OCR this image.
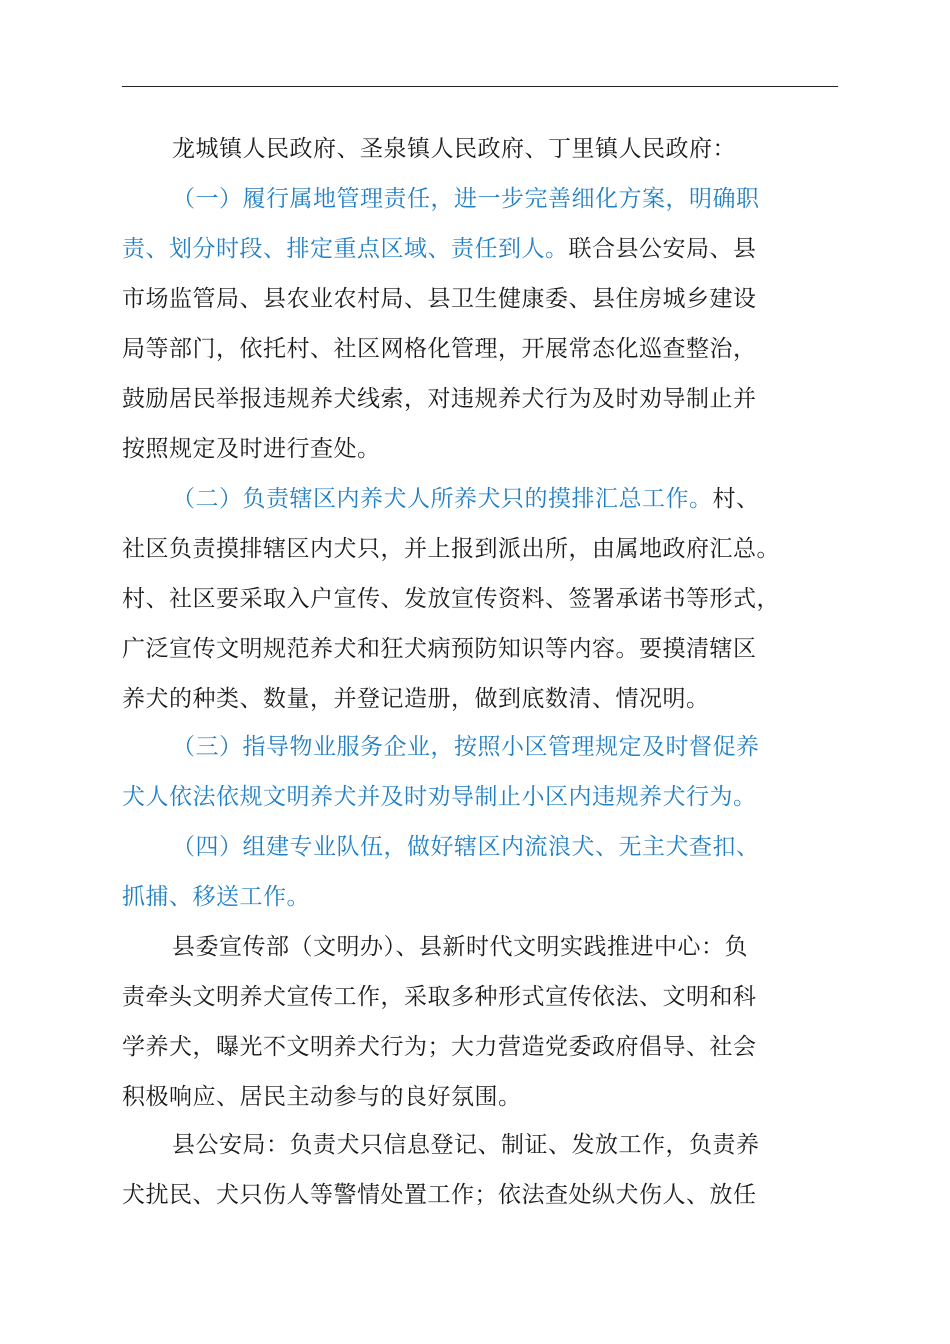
龙城镇人民政府、圣泉镇人民政府、丁里镇人民政府：
（一）履行属地管理责任，进一步完善细化方案，明确职
责、划分时段、排定重点区域、责任到人。联合县公安局、县
市场监管局、县农业农村局、县卫生健康委、县住房城乡建设
局等部门，依托村、社区网格化管理，开展常态化巡查整治，
鼓励居民举报违规养犬线索，对违规养犬行为及时劝导制止并
按照规定及时进行查处。
（二）负责辖区内养犬人所养犬只的摸排汇总工作。村、
社区负责摸排辖区内犬只，并上报到派出所，由属地政府汇总。
村、社区要采取入户宣传、发放宣传资料、签署承诺书等形式，
广泛宣传文明规范养犬和狂犬病预防知识等内容。要摸清辖区
养犬的种类、数量，并登记造册，做到底数清、情况明。
（三）指导物业服务企业，按照小区管理规定及时督促养
犬人依法依规文明养犬并及时劝导制止小区内违规养犬行为。
（四）组建专业队伍，做好辖区内流浪犬、无主犬查扣、
抓捕、移送工作。
县委宣传部（文明办）、县新时代文明实践推进中心：负
责牵头文明养犬宣传工作，采取多种形式宣传依法、文明和科
学养犬，曝光不文明养犬行为；大力营造党委政府倡导、社会
积极响应、居民主动参与的良好氛围。
县公安局：负责犬只信息登记、制证、发放工作，负责养
犬扰民、犬只伤人等警情处置工作；依法查处纵犬伤人、放任
